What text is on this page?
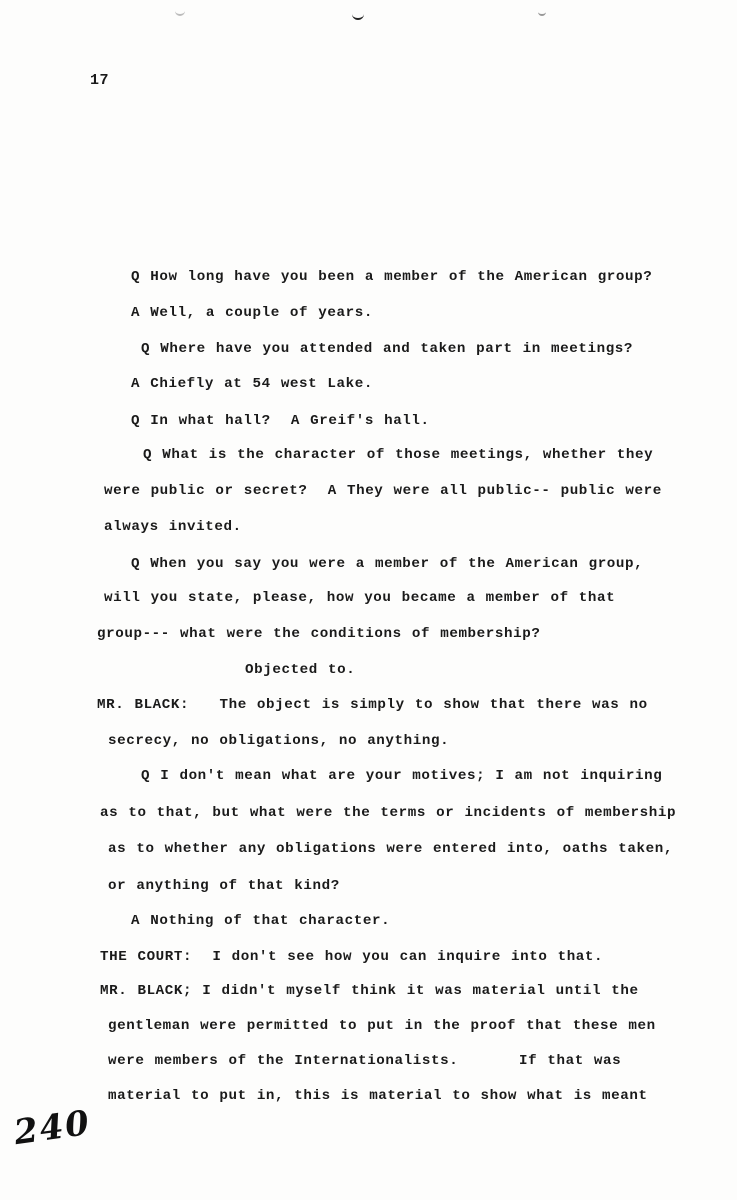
17
Q How long have you been a member of the American group?
A Well, a couple of years.
Q Where have you attended and taken part in meetings?
A Chiefly at 54 west Lake.
Q In what hall?  A Greif's hall.
Q What is the character of those meetings, whether they
were public or secret?  A They were all public-- public were
always invited.
Q When you say you were a member of the American group,
will you state, please, how you became a member of that
group--- what were the conditions of membership?
Objected to.
MR. BLACK:   The object is simply to show that there was no
secrecy, no obligations, no anything.
Q I don't mean what are your motives; I am not inquiring
as to that, but what were the terms or incidents of membership
as to whether any obligations were entered into, oaths taken,
or anything of that kind?
A Nothing of that character.
THE COURT:  I don't see how you can inquire into that.
MR. BLACK; I didn't myself think it was material until the
gentleman were permitted to put in the proof that these men
were members of the Internationalists.      If that was
material to put in, this is material to show what is meant
240
